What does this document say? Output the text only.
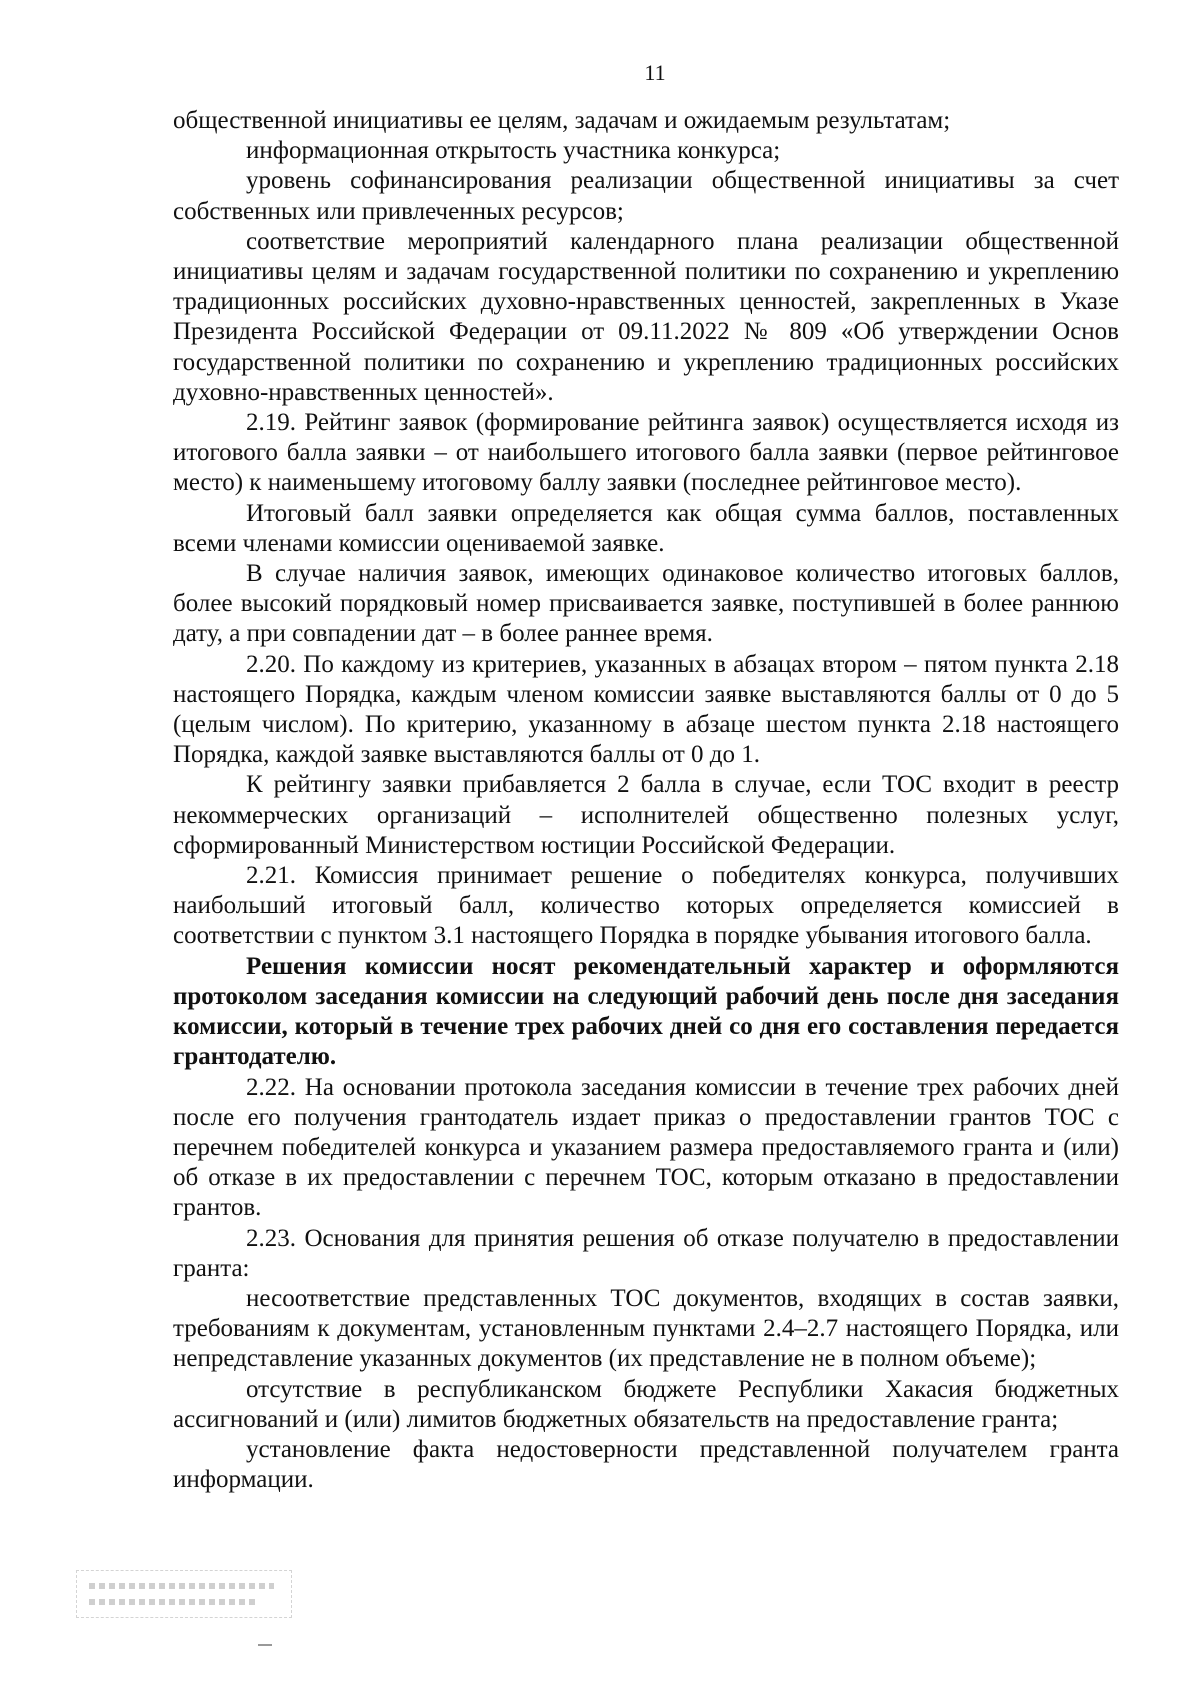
11

общественной инициативы ее целям, задачам и ожидаемым результатам;

информационная открытость участника конкурса;

уровень софинансирования реализации общественной инициативы за счет собственных или привлеченных ресурсов;

соответствие мероприятий календарного плана реализации общественной инициативы целям и задачам государственной политики по сохранению и укреплению традиционных российских духовно-нравственных ценностей, закрепленных в Указе Президента Российской Федерации от 09.11.2022 № 809 «Об утверждении Основ государственной политики по сохранению и укреплению традиционных российских духовно-нравственных ценностей».

2.19. Рейтинг заявок (формирование рейтинга заявок) осуществляется исходя из итогового балла заявки – от наибольшего итогового балла заявки (первое рейтинговое место) к наименьшему итоговому баллу заявки (последнее рейтинговое место).

Итоговый балл заявки определяется как общая сумма баллов, поставленных всеми членами комиссии оцениваемой заявке.

В случае наличия заявок, имеющих одинаковое количество итоговых баллов, более высокий порядковый номер присваивается заявке, поступившей в более раннюю дату, а при совпадении дат – в более раннее время.

2.20. По каждому из критериев, указанных в абзацах втором – пятом пункта 2.18 настоящего Порядка, каждым членом комиссии заявке выставляются баллы от 0 до 5 (целым числом). По критерию, указанному в абзаце шестом пункта 2.18 настоящего Порядка, каждой заявке выставляются баллы от 0 до 1.

К рейтингу заявки прибавляется 2 балла в случае, если ТОС входит в реестр некоммерческих организаций – исполнителей общественно полезных услуг, сформированный Министерством юстиции Российской Федерации.

2.21. Комиссия принимает решение о победителях конкурса, получивших наибольший итоговый балл, количество которых определяется комиссией в соответствии с пунктом 3.1 настоящего Порядка в порядке убывания итогового балла.

Решения комиссии носят рекомендательный характер и оформляются протоколом заседания комиссии на следующий рабочий день после дня заседания комиссии, который в течение трех рабочих дней со дня его составления передается грантодателю.

2.22. На основании протокола заседания комиссии в течение трех рабочих дней после его получения грантодатель издает приказ о предоставлении грантов ТОС с перечнем победителей конкурса и указанием размера предоставляемого гранта и (или) об отказе в их предоставлении с перечнем ТОС, которым отказано в предоставлении грантов.

2.23. Основания для принятия решения об отказе получателю в предоставлении гранта:

несоответствие представленных ТОС документов, входящих в состав заявки, требованиям к документам, установленным пунктами 2.4–2.7 настоящего Порядка, или непредставление указанных документов (их представление не в полном объеме);

отсутствие в республиканском бюджете Республики Хакасия бюджетных ассигнований и (или) лимитов бюджетных обязательств на предоставление гранта;

установление факта недостоверности представленной получателем гранта информации.
